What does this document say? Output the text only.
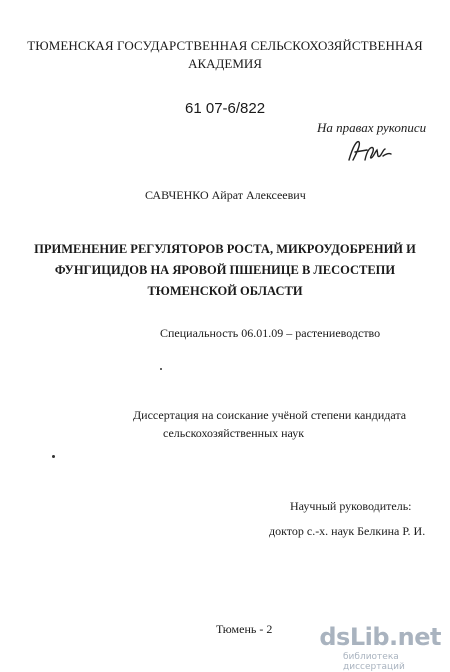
ТЮМЕНСКАЯ ГОСУДАРСТВЕННАЯ СЕЛЬСКОХОЗЯЙСТВЕННАЯ
АКАДЕМИЯ
61 07-6/822
На правах рукописи
САВЧЕНКО Айрат Алексеевич
ПРИМЕНЕНИЕ РЕГУЛЯТОРОВ РОСТА, МИКРОУДОБРЕНИЙ И
ФУНГИЦИДОВ НА ЯРОВОЙ ПШЕНИЦЕ В ЛЕСОСТЕПИ
ТЮМЕНСКОЙ ОБЛАСТИ
Специальность 06.01.09 – растениеводство
Диссертация на соискание учёной степени кандидата
сельскохозяйственных наук
Научный руководитель:
доктор с.-х. наук Белкина Р. И.
Тюмень - 2 dsLib.net
библиотека диссертаций
